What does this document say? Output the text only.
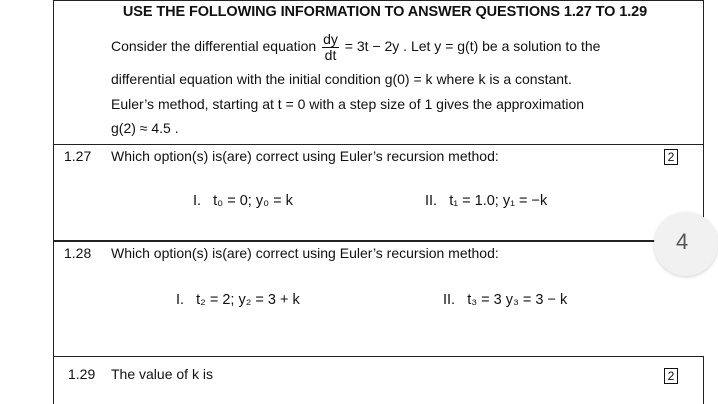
USE THE FOLLOWING INFORMATION TO ANSWER QUESTIONS 1.27 TO 1.29
Consider the differential equation $\frac{dy}{dt} = 3t - 2y$ . Let y = g(t) be a solution to the
differential equation with the initial condition g(0) = k where k is a constant.
Euler’s method, starting at t = 0 with a step size of 1 gives the approximation
g(2) ≈ 4.5 .
1.27 Which option(s) is(are) correct using Euler’s recursion method:	2
I. t₀ = 0; y₀ = k	II. t₁ = 1.0; y₁ = −k
1.28 Which option(s) is(are) correct using Euler’s recursion method:
I. t₂ = 2; y₂ = 3 + k	II. t₃ = 3 y₃ = 3 − k
1.29 The value of k is	2
4
